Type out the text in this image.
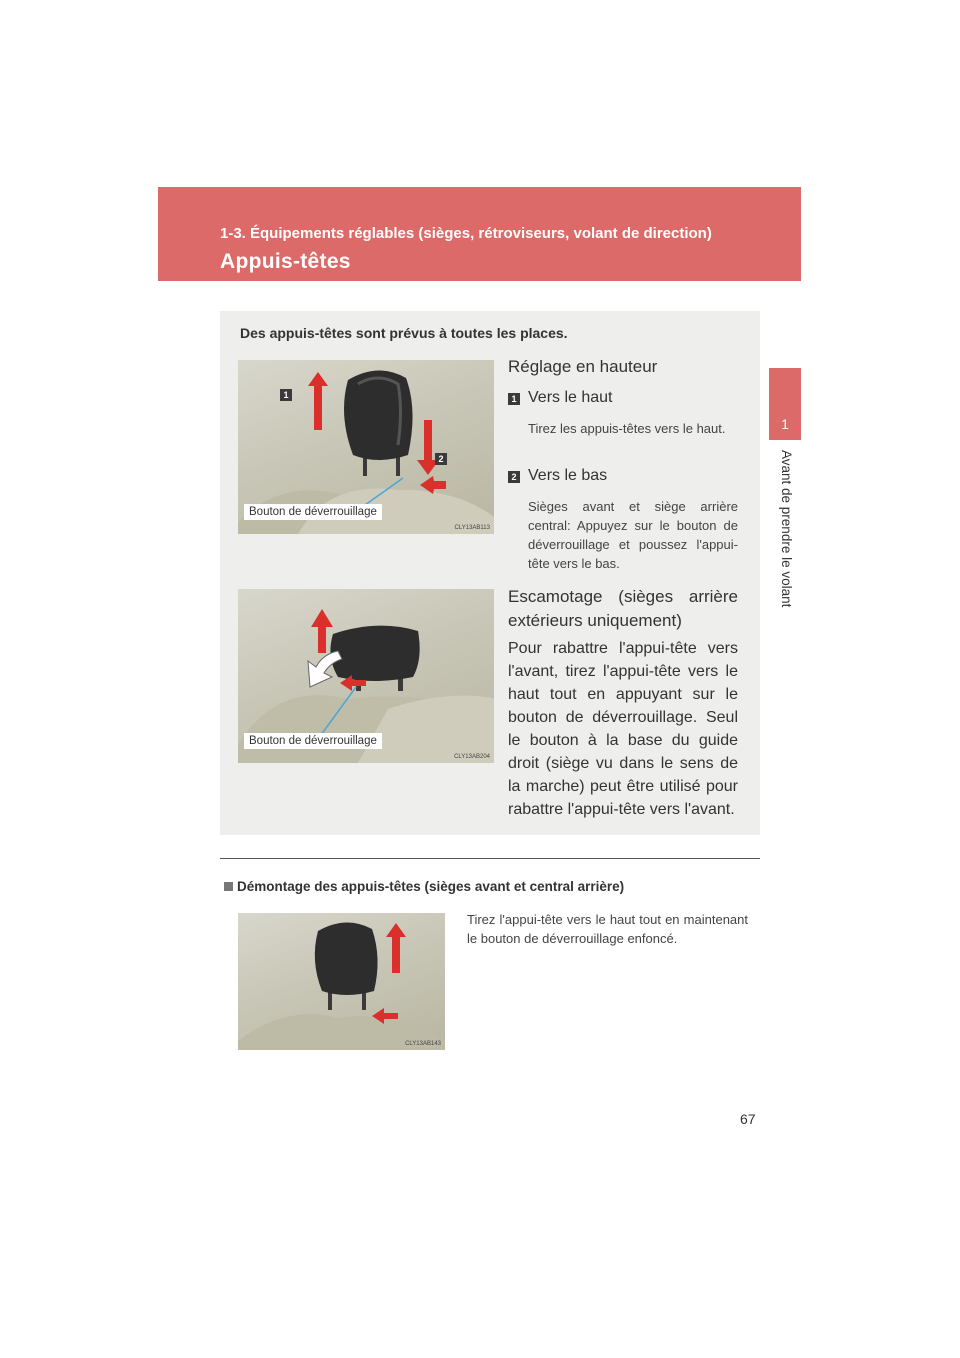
1-3. Équipements réglables (sièges, rétroviseurs, volant de direction)
Appuis-têtes
1
Avant de prendre le volant
Des appuis-têtes sont prévus à toutes les places.
1
2
Bouton de déverrouillage
CLY13AB113
Réglage en hauteur
1 Vers le haut
Tirez les appuis-têtes vers le haut.
2 Vers le bas
Sièges avant et siège arrière central: Appuyez sur le bouton de déverrouillage et poussez l'appui-tête vers le bas.
Bouton de déverrouillage
CLY13AB204
Escamotage (sièges arrière extérieurs uniquement)
Pour rabattre l'appui-tête vers l'avant, tirez l'appui-tête vers le haut tout en appuyant sur le bouton de déverrouillage. Seul le bouton à la base du guide droit (siège vu dans le sens de la marche) peut être utilisé pour rabattre l'appui-tête vers l'avant.
Démontage des appuis-têtes (sièges avant et central arrière)
CLY13AB143
Tirez l'appui-tête vers le haut tout en maintenant le bouton de déverrouillage enfoncé.
67
